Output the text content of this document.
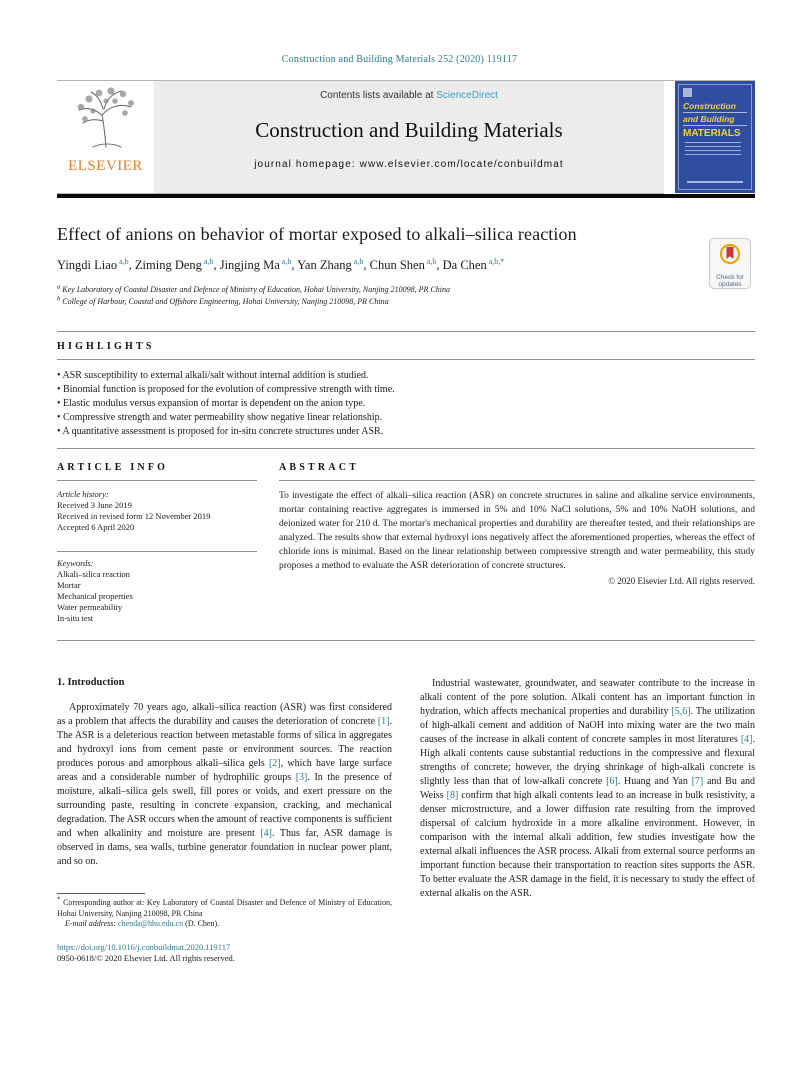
Construction and Building Materials 252 (2020) 119117
ELSEVIER
Contents lists available at ScienceDirect
Construction and Building Materials
journal homepage: www.elsevier.com/locate/conbuildmat
Construction
and Building
MATERIALS
Effect of anions on behavior of mortar exposed to alkali–silica reaction
Check for updates
Yingdi Liao $^{a,b}$, Ziming Deng $^{a,b}$, Jingjing Ma $^{a,b}$, Yan Zhang $^{a,b}$, Chun Shen $^{a,b}$, Da Chen $^{a,b,*}$
$^a$ Key Laboratory of Coastal Disaster and Defence of Ministry of Education, Hohai University, Nanjing 210098, PR China
$^b$ College of Harbour, Coastal and Offshore Engineering, Hohai University, Nanjing 210098, PR China
HIGHLIGHTS
• ASR susceptibility to external alkali/salt without internal addition is studied.
• Binomial function is proposed for the evolution of compressive strength with time.
• Elastic modulus versus expansion of mortar is dependent on the anion type.
• Compressive strength and water permeability show negative linear relationship.
• A quantitative assessment is proposed for in-situ concrete structures under ASR.
ARTICLE INFO
Article history:
Received 3 June 2019
Received in revised form 12 November 2019
Accepted 6 April 2020
Keywords:
Alkali–silica reaction
Mortar
Mechanical properties
Water permeability
In-situ test
ABSTRACT
To investigate the effect of alkali–silica reaction (ASR) on concrete structures in saline and alkaline service environments, mortar containing reactive aggregates is immersed in 5% and 10% NaCl solutions, 5% and 10% NaOH solutions, and deionized water for 210 d. The mortar's mechanical properties and durability are thereafter tested, and their relationships are analyzed. The results show that external hydroxyl ions negatively affect the aforementioned properties, whereas the effect of chloride ions is minimal. Based on the linear relationship between compressive strength and water permeability, this study proposes a method to evaluate the ASR deterioration of concrete structures.
© 2020 Elsevier Ltd. All rights reserved.
1. Introduction

Approximately 70 years ago, alkali–silica reaction (ASR) was first considered as a problem that affects the durability and causes the deterioration of concrete [1]. The ASR is a deleterious reaction between metastable forms of silica in aggregates and hydroxyl ions from cement paste or environment sources. The reaction produces porous and amorphous alkali–silica gels [2], which have large surface areas and a considerable number of hydrophilic groups [3]. In the presence of moisture, alkali–silica gels swell, fill pores or voids, and exert pressure on the surrounding paste, resulting in concrete expansion, cracking, and mechanical degradation. The ASR occurs when the amount of reactive components is sufficient and when alkalinity and moisture are present [4]. Thus far, ASR damage is observed in dams, sea walls, turbine generator foundation in nuclear power plant, and so on.

* Corresponding author at: Key Laboratory of Coastal Disaster and Defence of Ministry of Education, Hohai University, Nanjing 210098, PR China
E-mail address: chenda@hhu.edu.cn (D. Chen).
https://doi.org/10.1016/j.conbuildmat.2020.119117
0950-0618/© 2020 Elsevier Ltd. All rights reserved.

Industrial wastewater, groundwater, and seawater contribute to the increase in alkali content of the pore solution. Alkali content has an important function in hydration, which affects mechanical properties and durability [5,6]. The utilization of high-alkali cement and addition of NaOH into mixing water are the two main causes of the increase in alkali content of concrete samples in most literatures [4]. High alkali contents cause substantial reductions in the compressive and flexural strengths of concrete; however, the drying shrinkage of high-alkali concrete is slightly less than that of low-alkali concrete [6]. Huang and Yan [7] and Bu and Weiss [8] confirm that high alkali contents lead to an increase in bulk resistivity, a denser microstructure, and a lower diffusion rate resulting from the improved dispersal of calcium hydroxide in a more alkaline environment. However, in comparison with the internal alkali addition, few studies investigate how the external alkali influences the ASR process. Alkali from external source performs an important function because their transportation to reaction sites supports the ASR. To better evaluate the ASR damage in the field, it is necessary to study the effect of external alkalis on the ASR.
